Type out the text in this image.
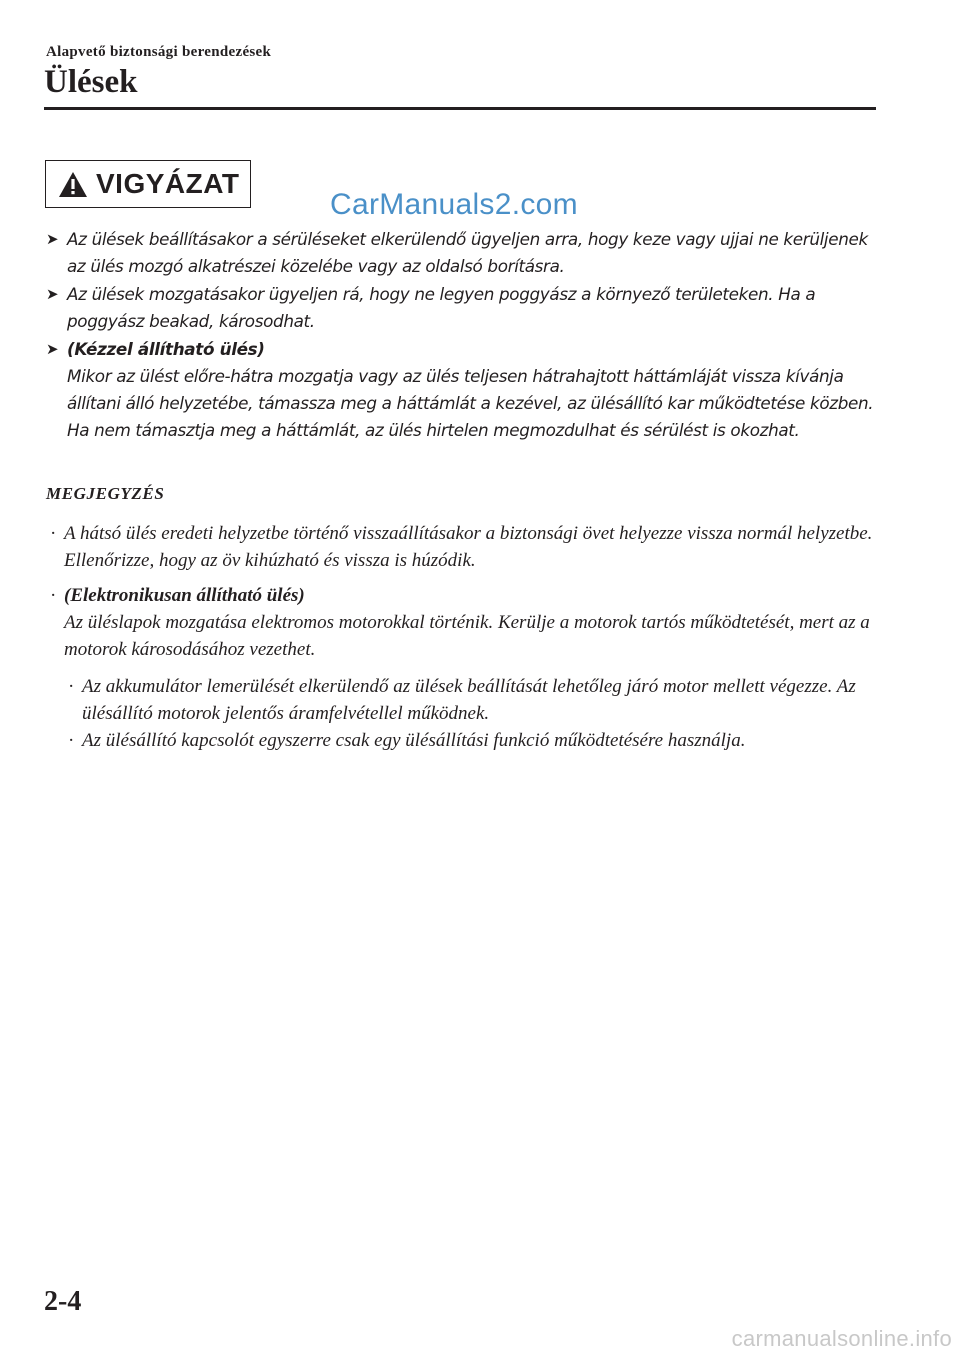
Alapvető biztonsági berendezések
Ülések
VIGYÁZAT
CarManuals2.com
➤ Az ülések beállításakor a sérüléseket elkerülendő ügyeljen arra, hogy keze vagy ujjai ne kerüljenek az ülés mozgó alkatrészei közelébe vagy az oldalsó borításra.
➤ Az ülések mozgatásakor ügyeljen rá, hogy ne legyen poggyász a környező területeken. Ha a poggyász beakad, károsodhat.
➤ (Kézzel állítható ülés)
Mikor az ülést előre-hátra mozgatja vagy az ülés teljesen hátrahajtott háttámláját vissza kívánja állítani álló helyzetébe, támassza meg a háttámlát a kezével, az ülésállító kar működtetése közben. Ha nem támasztja meg a háttámlát, az ülés hirtelen megmozdulhat és sérülést is okozhat.
MEGJEGYZÉS
· A hátsó ülés eredeti helyzetbe történő visszaállításakor a biztonsági övet helyezze vissza normál helyzetbe. Ellenőrizze, hogy az öv kihúzható és vissza is húzódik.
· (Elektronikusan állítható ülés)
Az üléslapok mozgatása elektromos motorokkal történik. Kerülje a motorok tartós működtetését, mert az a motorok károsodásához vezethet.
· Az akkumulátor lemerülését elkerülendő az ülések beállítását lehetőleg járó motor mellett végezze. Az ülésállító motorok jelentős áramfelvétellel működnek.
· Az ülésállító kapcsolót egyszerre csak egy ülésállítási funkció működtetésére használja.
2-4
carmanualsonline.info
